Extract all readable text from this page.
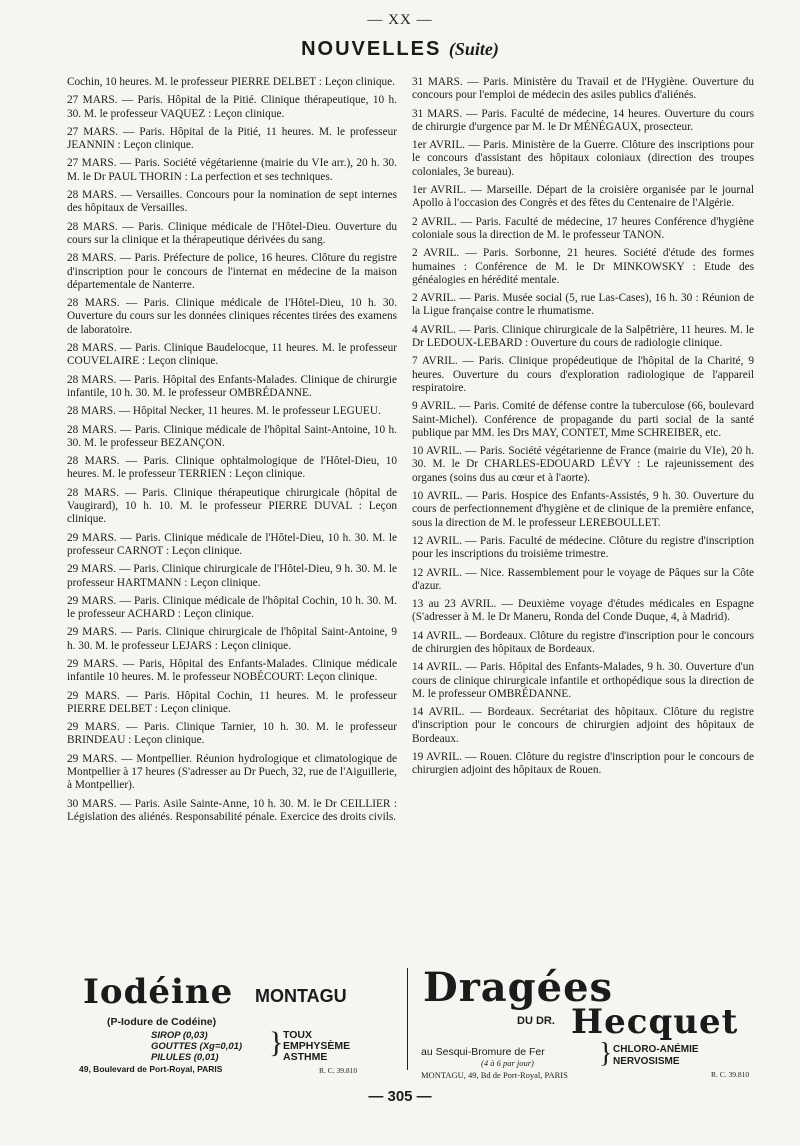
— XX —
NOUVELLES (Suite)

Cochin, 10 heures. M. le professeur PIERRE DELBET : Leçon clinique.

27 MARS. — Paris. Hôpital de la Pitié. Clinique thérapeutique, 10 h. 30. M. le professeur VAQUEZ : Leçon clinique.

27 MARS. — Paris. Hôpital de la Pitié, 11 heures. M. le professeur JEANNIN : Leçon clinique.

27 MARS. — Paris. Société végétarienne (mairie du VIe arr.), 20 h. 30. M. le Dr PAUL THORIN : La perfection et ses techniques.

28 MARS. — Versailles. Concours pour la nomination de sept internes des hôpitaux de Versailles.

28 MARS. — Paris. Clinique médicale de l'Hôtel-Dieu. Ouverture du cours sur la clinique et la thérapeutique dérivées du sang.

28 MARS. — Paris. Préfecture de police, 16 heures. Clôture du registre d'inscription pour le concours de l'internat en médecine de la maison départementale de Nanterre.

28 MARS. — Paris. Clinique médicale de l'Hôtel-Dieu, 10 h. 30. Ouverture du cours sur les données cliniques récentes tirées des examens de laboratoire.

28 MARS. — Paris. Clinique Baudelocque, 11 heures. M. le professeur COUVELAIRE : Leçon clinique.

28 MARS. — Paris. Hôpital des Enfants-Malades. Clinique de chirurgie infantile, 10 h. 30. M. le professeur OMBRÉDANNE.

28 MARS. — Hôpital Necker, 11 heures. M. le professeur LEGUEU.

28 MARS. — Paris. Clinique médicale de l'hôpital Saint-Antoine, 10 h. 30. M. le professeur BEZANÇON.

28 MARS. — Paris. Clinique ophtalmologique de l'Hôtel-Dieu, 10 heures. M. le professeur TERRIEN : Leçon clinique.

28 MARS. — Paris. Clinique thérapeutique chirurgicale (hôpital de Vaugirard), 10 h. 10. M. le professeur PIERRE DUVAL : Leçon clinique.

29 MARS. — Paris. Clinique médicale de l'Hôtel-Dieu, 10 h. 30. M. le professeur CARNOT : Leçon clinique.

29 MARS. — Paris. Clinique chirurgicale de l'Hôtel-Dieu, 9 h. 30. M. le professeur HARTMANN : Leçon clinique.

29 MARS. — Paris. Clinique médicale de l'hôpital Cochin, 10 h. 30. M. le professeur ACHARD : Leçon clinique.

29 MARS. — Paris. Clinique chirurgicale de l'hôpital Saint-Antoine, 9 h. 30. M. le professeur LEJARS : Leçon clinique.

29 MARS. — Paris, Hôpital des Enfants-Malades. Clinique médicale infantile 10 heures. M. le professeur NOBÉCOURT: Leçon clinique.

29 MARS. — Paris. Hôpital Cochin, 11 heures. M. le professeur PIERRE DELBET : Leçon clinique.

29 MARS. — Paris. Clinique Tarnier, 10 h. 30. M. le professeur BRINDEAU : Leçon clinique.

29 MARS. — Montpellier. Réunion hydrologique et climatologique de Montpellier à 17 heures (S'adresser au Dr Puech, 32, rue de l'Aiguillerie, à Montpellier).

30 MARS. — Paris. Asile Sainte-Anne, 10 h. 30. M. le Dr CEILLIER : Législation des aliénés. Responsabilité pénale. Exercice des droits civils.

31 MARS. — Paris. Ministère du Travail et de l'Hygiène. Ouverture du concours pour l'emploi de médecin des asiles publics d'aliénés.

31 MARS. — Paris. Faculté de médecine, 14 heures. Ouverture du cours de chirurgie d'urgence par M. le Dr MÉNÉGAUX, prosecteur.

1er AVRIL. — Paris. Ministère de la Guerre. Clôture des inscriptions pour le concours d'assistant des hôpitaux coloniaux (direction des troupes coloniales, 3e bureau).

1er AVRIL. — Marseille. Départ de la croisière organisée par le journal Apollo à l'occasion des Congrès et des fêtes du Centenaire de l'Algérie.

2 AVRIL. — Paris. Faculté de médecine, 17 heures Conférence d'hygiène coloniale sous la direction de M. le professeur TANON.

2 AVRIL. — Paris. Sorbonne, 21 heures. Société d'étude des formes humaines : Conférence de M. le Dr MINKOWSKY : Etude des généalogies en hérédité mentale.

2 AVRIL. — Paris. Musée social (5, rue Las-Cases), 16 h. 30 : Réunion de la Ligue française contre le rhumatisme.

4 AVRIL. — Paris. Clinique chirurgicale de la Salpêtrière, 11 heures. M. le Dr LEDOUX-LEBARD : Ouverture du cours de radiologie clinique.

7 AVRIL. — Paris. Clinique propédeutique de l'hôpital de la Charité, 9 heures. Ouverture du cours d'exploration radiologique de l'appareil respiratoire.

9 AVRIL. — Paris. Comité de défense contre la tuberculose (66, boulevard Saint-Michel). Conférence de propagande du parti social de la santé publique par MM. les Drs MAY, CONTET, Mme SCHREIBER, etc.

10 AVRIL. — Paris. Société végétarienne de France (mairie du VIe), 20 h. 30. M. le Dr CHARLES-EDOUARD LÉVY : Le rajeunissement des organes (soins dus au cœur et à l'aorte).

10 AVRIL. — Paris. Hospice des Enfants-Assistés, 9 h. 30. Ouverture du cours de perfectionnement d'hygiène et de clinique de la première enfance, sous la direction de M. le professeur LEREBOULLET.

12 AVRIL. — Paris. Faculté de médecine. Clôture du registre d'inscription pour les inscriptions du troisième trimestre.

12 AVRIL. — Nice. Rassemblement pour le voyage de Pâques sur la Côte d'azur.

13 au 23 AVRIL. — Deuxième voyage d'études médicales en Espagne (S'adresser à M. le Dr Maneru, Ronda del Conde Duque, 4, à Madrid).

14 AVRIL. — Bordeaux. Clôture du registre d'inscription pour le concours de chirurgien des hôpitaux de Bordeaux.

14 AVRIL. — Paris. Hôpital des Enfants-Malades, 9 h. 30. Ouverture d'un cours de clinique chirurgicale infantile et orthopédique sous la direction de M. le professeur OMBRÉDANNE.

14 AVRIL. — Bordeaux. Secrétariat des hôpitaux. Clôture du registre d'inscription pour le concours de chirurgien adjoint des hôpitaux de Bordeaux.

19 AVRIL. — Rouen. Clôture du registre d'inscription pour le concours de chirurgien adjoint des hôpitaux de Rouen.

Iodéine MONTAGU
(P-Iodure de Codéine)
SIROP (0,03)
GOUTTES (Xg=0,01)
PILULES (0,01)	} TOUX
EMPHYSÈME
ASTHME
49, Boulevard de Port-Royal, PARIS	R. C. 39.810
Dragées
DU DR. Hecquet
au Sesqui-Bromure de Fer
(4 à 6 par jour) } CHLORO-ANÉMIE
NERVOSISME
MONTAGU, 49, Bd de Port-Royal, PARIS	R. C. 39.810
— 305 —
